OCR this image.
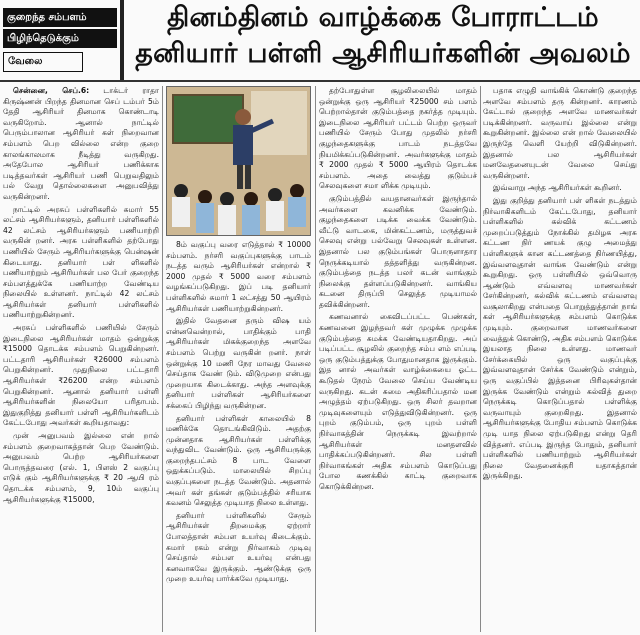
குறைந்த சம்பளம்
பிழிந்தெடுக்கும்
வேலை
தினம்தினம் வாழ்க்கை போராட்டம்
தனியார் பள்ளி ஆசிரியர்களின் அவலம்

சென்னை, செப்.6: டாக்டர் ராதா கிருஷ்ணன் பிறந்த தினமான செப் டம்பர் 5ம் தேதி ஆசிரியர் தினமாக கொண்டாடி வருகிறோம். ஆனால் நாட்டில் பெரும்பாலான ஆசிரியர் கள் நிறைவான சம்பளம் பெற வில்லை என்ற குறை காலங்காலமாக நீடித்து வருகிறது. அதேபோல ஆசிரியர் பணிக்காக படித்தவர்கள் ஆசிரியர் பணி பெறுவதிலும் பல் வேறு தொல்லைகளை அனுபவித்து வருகின்றனர்.

நாட்டில் அரசுப் பள்ளிகளில் சுமார் 55 லட்சம் ஆசிரியர்களும், தனியார் பள்ளிகளில் 42 லட்சம் ஆசிரியர்களும் பணியாற்றி வருகின் றனர். அரசு பள்ளிகளில் தற்போது பணியில் சேரும் ஆசிரியர்களுக்கு பென்ஷன் கிடையாது. தனியார் பள் ளிகளில் பணியாற்றும் ஆசிரியர்கள் பல பேர் குறைந்த சம்பளத்துக்கே பணியாற்ற வேண்டிய நிலையில் உள்ளனர். நாட்டில் 42 லட்சம் ஆசிரியர்கள் தனியார் பள்ளிகளில் பணியாற்றுகின்றனர்.

அரசுப் பள்ளிகளில் பணியில் சேரும் இடைநிலை ஆசிரியர்கள் மாதம் ஒன்றுக்கு ₹15000 தொடக்க சம்பளம் பெறுகின்றனர். பட்டதாரி ஆசிரியர்கள் ₹26000 சம்பளம் பெறுகின்றனர். முதுநிலை பட்டதாரி ஆசிரியர்கள் ₹26200 என்ற சம்பளம் பெறுகின்றனர். ஆனால் தனியார் பள்ளி ஆசிரியர்களின் நிலையோ பரிதாபம். இதுகுறித்து தனியார் பள்ளி ஆசிரியர்களிடம் கேட்டபோது அவர்கள் கூறியதாவது:

முன் அனுபவம் இல்லை என் றால் சம்பளம் குறைவாகத்தான் பெற வேண்டும். அனுபவம் பெற்ற ஆசிரியர்களை பொருத்தவரை (எல். 1, பிளஸ் 2 வகுப்பு எடுக் கும் ஆசிரியர்களுக்கு ₹ 20 ஆயி ரம் தொடக்க சம்பளம், 9, 10ம் வகுப்பு ஆசிரியர்களுக்கு ₹15000,

8ம் வகுப்பு வரை எடுத்தால் ₹ 10000 சம்பளம். நர்சரி வகுப்புகளுக்கு பாடம் நடத்த வரும் ஆசிரியர்கள் என்றால் ₹ 2000 முதல் ₹ 5000 வரை சம்பளம் வழங்கப்படுகிறது. இப் படி தனியார் பள்ளிகளில் சுமார் 1 லட்சத்து 50 ஆயிரம் ஆசிரியர்கள் பணியாற்றுகின்றனர்.

இதில் வேதனை தரும் விஷ யம் என்னவென்றால், பாதிக்கும் பாதி ஆசிரியர்கள் மிகக்குறைந்த அளவே சம்பளம் பெற்று வருகின் றனர். நாள் ஒன்றுக்கு 10 மணி நேர மாவது வேலை செய்தாக வேண் டும். விடுமுறை என்பது முறையாக கிடைக்காது. அந்த அளவுக்கு தனியார் பள்ளிகள் ஆசிரியர்களை சக்கைப் பிழிந்து வருகின்றன.

தனியார் பள்ளிகள் காலையில் 8 மணிக்கே தொடங்கிவிடும். அதற்கு முன்னதாக ஆசிரியர்கள் பள்ளிக்கு வந்துவிட வேண்டும். ஒரு ஆசிரியருக்கு குறைந்தபட்சம் 8 பாட வேளை ஒதுக்கப்படும். மாலையில் சிறப்பு வகுப்புகளை நடத்த வேண்டும். அதனால் அவர் கள் தங்கள் குடும்பத்தில் சரியாக கவனம் செலுத்த முடியாத நிலை உள்ளது.

தனியார் பள்ளிகளில் சேரும் ஆசிரியர்கள் திறமைக்கு ஏற்றார் போலத்தான் சம்பள உயர்வு கிடைக்கும். சுமார் ரகம் என்று நிர்வாகம் முடிவு செய்தால் சம்பள உயர்வு என்பது கனவாகவே இருக்கும். ஆண்டுக்கு ஒரு முறை உயர்வு பார்க்கவே முடியாது.

தற்போதுள்ள சூழலிலையில் மாதம் ஒன்றுக்கு ஒரு ஆசிரியர் ₹25000 சம் பளம் பெற்றால்தான் குடும்பத்தை நகர்த்த முடியும். இடைநிலை ஆசிரியர் பட்டம் பெற்ற ஒருவர் பணியில் சேரும் போது முதலில் நர்சரி குழந்தைகளுக்கு பாடம் நடத்தவே நியமிக்கப்படுகின்றனர். அவர்களுக்கு மாதம் ₹ 2000 முதல் ₹ 5000 ஆயிரம் தொடக்க சம்பளம். அதை வைத்து குடும்பச் செலவுகளை சமா ளிக்க முடியும்.

குடும்பத்தில் வயதானவர்கள் இருந்தால் அவர்களை கவனிக்க வேண்டும். குழந்தைகளை படிக்க வைக்க வேண்டும். வீட்டு வாடகை, மின்கட்டணம், மருத்துவச் செலவு என்று பல்வேறு செலவுகள் உள்ளன. இதனால் பல குடும்பங்கள் பொருளாதார நெருக்கடியால் தத்தளித்து வருகின்றன. குடும்பத்தை நடத்த பலர் கடன் வாங்கும் நிலைக்கு தள்ளப்படுகின்றனர். வாங்கிய கடனை திருப்பி செலுத்த முடியாமல் தவிக்கின்றனர்.

கணவனால் கைவிடப்பட்ட பெண்கள், கணவனை இழந்தவர் கள் முழுக்க முழுக்க குடும்பத்தை சுமக்க வேண்டியதாகிறது. அப் படிப்பட்ட சூழலில் குறைந்த சம்ப ளம் எப்படி ஒரு குடும்பத்துக்கு போதுமானதாக இருக்கும். இத னால் அவர்கள் வாழ்க்கையை ஓட்ட கூடுதல் நேரம் வேலை செய்ய வேண்டிய வருகிறது. கடன் சுமை அதிகரிப்பதால் மன அழுத்தம் ஏற்படுகிறது. ஒரு சிலர் தவறான முடிவுகளையும் எடுத்துவிடுகின்றனர். ஒரு புறம் குடும்பம், ஒரு புறம் பள்ளி நிர்வாகத்தின் நெருக்கடி இவற்றால் ஆசிரியர்கள் மனதளவில் பாதிக்கப்படுகின்றனர். சில பள்ளி நிர்வாகங்கள் அதிக சம்பளம் கொடுப்பது போல கணக்கில் காட்டி குறைவாக கொடுக்கின்றன.

பதாக எழுதி வாங்கிக் கொண்டு குறைந்த அளவே சம்பளம் தரு கின்றனர். காரணம் கேட்டால் குறைந்த அளவே மாணவர்கள் படிக்கின்றனர். வருவாய் இல்லை என்று கூறுகின்றனர். இல்லை என் றால் வேலையில் இருந்தே வெளி யேற்றி விடுகின்றனர். இதனால் பல ஆசிரியர்கள் மனவேதனையுடன் வேலை செய்து வருகின்றனர்.

இவ்வாறு அந்த ஆசிரியர்கள் கூறினர்.

இது குறித்து தனியார் பள் ளிகள் நடத்தும் நிர்வாகிகளிடம் கேட்டபோது, தனியார் பள்ளிகளில் கல்விக் கட்டணம் முறைப்படுத்தும் நோக்கில் தமிழக அரசு கட்டண நிர் ணயக் குழு அமைத்து பள்ளிகளுக் கான கட்டணத்தை நிர்ணயித்து, இவ்வளவுதான் வாங்க வேண்டும் என்று கூறுகிறது. ஒரு பள்ளியில் ஒவ்வொரு ஆண்டும் எவ்வளவு மாணவர்கள் சேர்கின்றனர், கல்விக் கட்டணம் எவ்வளவு வசூலாகிறது என்பதை பொறுத்துத்தான் நாங் கள் ஆசிரியர்களுக்கு சம்பளம் கொடுக்க முடியும். குறைவான மாணவர்களை வைத்துக் கொண்டு, அதிக சம்பளம் கொடுக்க இயலாத நிலை உள்ளது. மாணவர் சேர்க்கையில் ஒரு வகுப்புக்கு இவ்வளவுதான் சேர்க்க வேண்டும் என்றும், ஒரு வகுப்பில் இத்தனை பிரிவுகள்தான் இருக்க வேண்டும் என்றும் கல்வித் துறை நெருக்கடி கொடுப்பதால் பள்ளிக்கு வருவாயும் குறைகிறது. இதனால் ஆசிரியர்களுக்கு போதிய சம்பளம் கொடுக்க முடி யாத நிலை ஏற்படுகிறது என்று தெரி வித்தனர். எப்படி இருந்த போதும், தனியார் பள்ளிகளில் பணியாற்றும் ஆசிரியர்கள் நிலை வேதனைக்குரி யதாகத்தான் இருக்கிறது.
